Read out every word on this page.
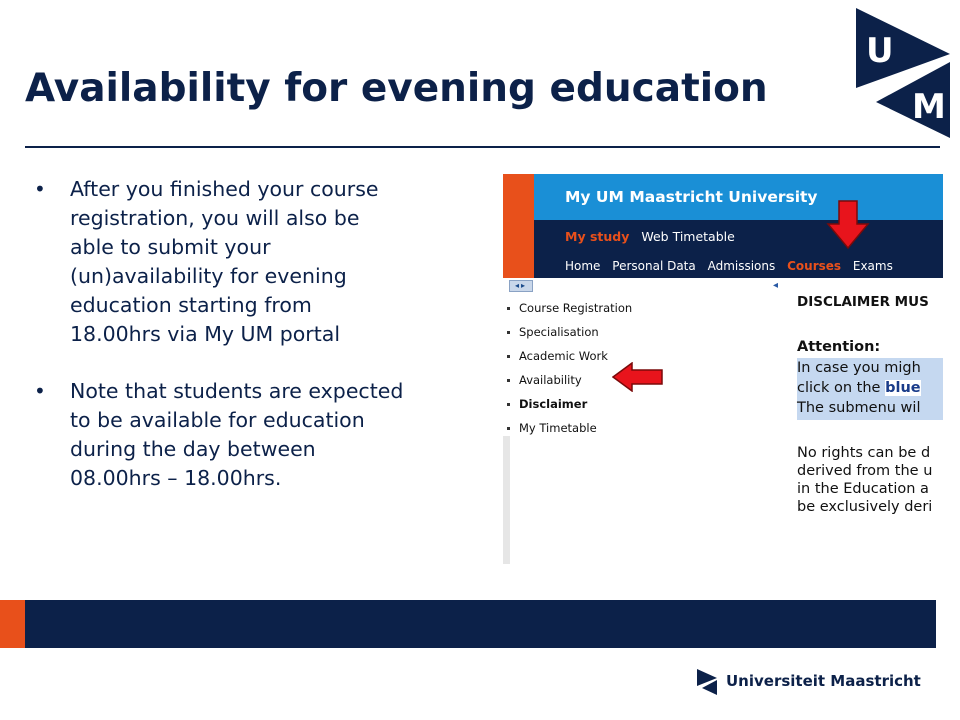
Availability for evening education
U
M
• After you finished your course
registration, you will also be
able to submit your
(un)availability for evening
education starting from
18.00hrs via My UM portal
• Note that students are expected
to be available for education
during the day between
08.00hrs – 18.00hrs.
My UM Maastricht University
My study Web Timetable
Home Personal Data Admissions Courses Exams
◂▸
Course Registration
Specialisation
Academic Work
Availability
Disclaimer
My Timetable
◂
DISCLAIMER MUS
Attention:
In case you migh
click on the blue
The submenu wil
No rights can be d
derived from the u
in the Education a
be exclusively deri
Universiteit Maastricht
